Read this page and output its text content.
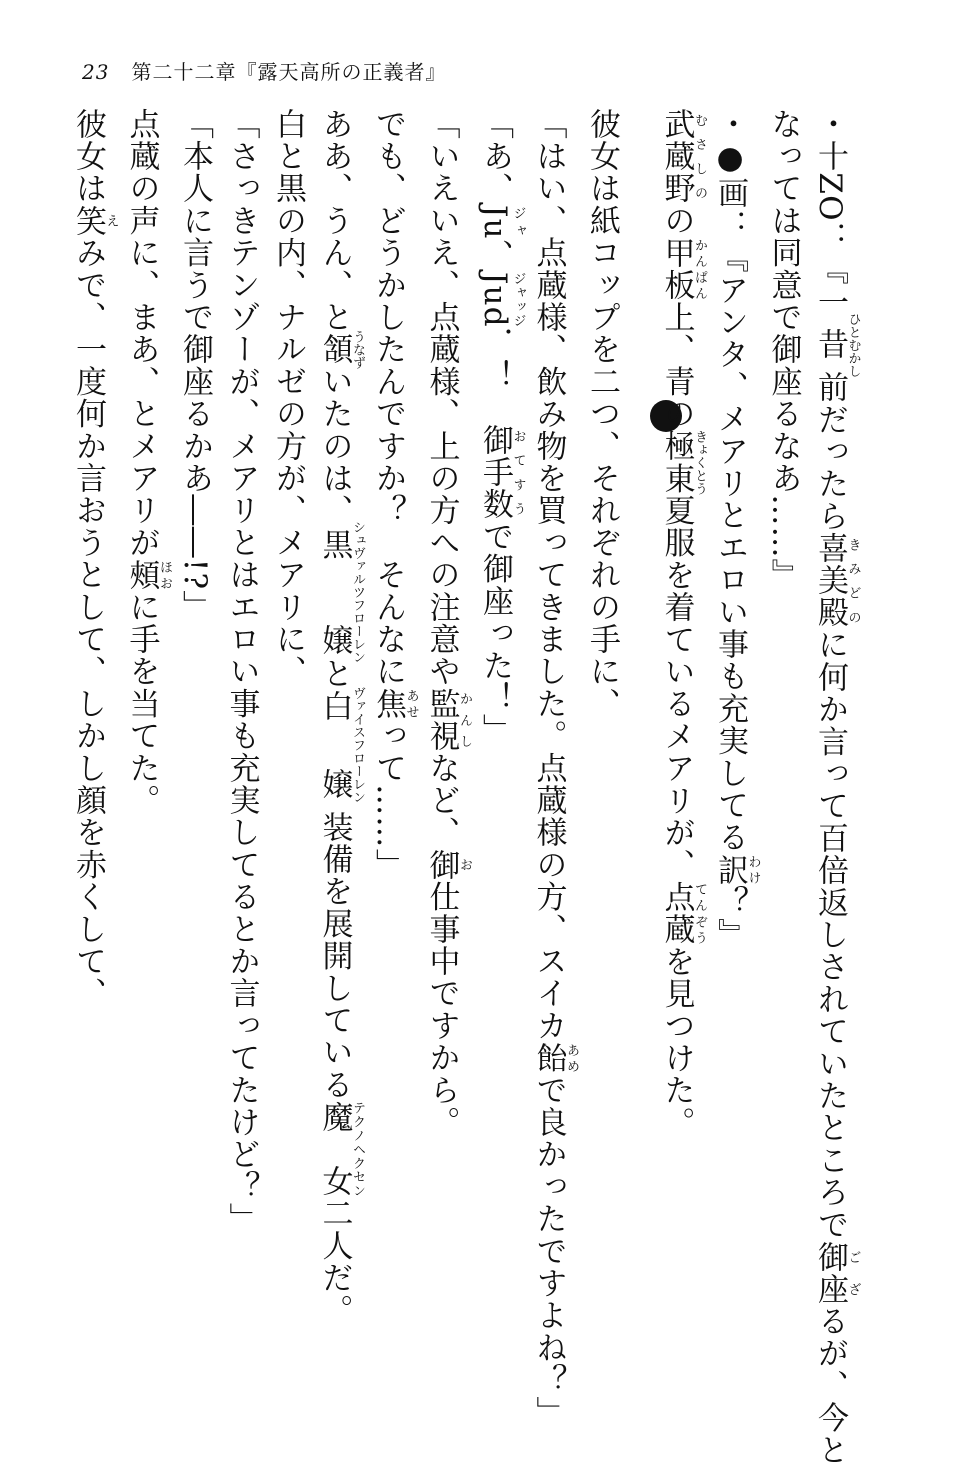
23 第二十二章『露天高所の正義者』
・十ZO：『一昔ひとむかし前だったら喜美殿きみどのに何か言って百倍返しされていたところで御座ござるが、今と
なっては同意で御座るなあ……』
・●画：『アンタ、メアリとエロい事も充実してる訳わけ？』
武蔵野むさしのの甲板かんぱん上、青の極東きょくとう夏服を着ているメアリが、点蔵てんぞうを見つけた。
彼女は紙コップを二つ、それぞれの手に、
「はい、点蔵様、飲み物を買ってきました。点蔵様の方、スイカ飴あめで良かったですよね？」
「あ、Juジャ、Judジャッジ．！　御手数おてすうで御座った！」
「いえいえ、点蔵様、上の方への注意や監視かんしなど、御お仕事中ですから。
でも、どうかしたんですか？　そんなに焦あせって……」
ああ、うん、と頷うなずいたのは、黒　嬢シュヴァルツフローレンと白　嬢ヴァイスフローレン 装備を展開している魔　女テクノヘクセン二人だ。
白と黒の内、ナルゼの方が、メアリに、
「さっきテンゾーが、メアリとはエロい事も充実してるとか言ってたけど？」
「本人に言うで御座るかあ――!?」
点蔵の声に、まあ、とメアリが頰ほおに手を当てた。
彼女は笑えみで、一度何か言おうとして、しかし顔を赤くして、
